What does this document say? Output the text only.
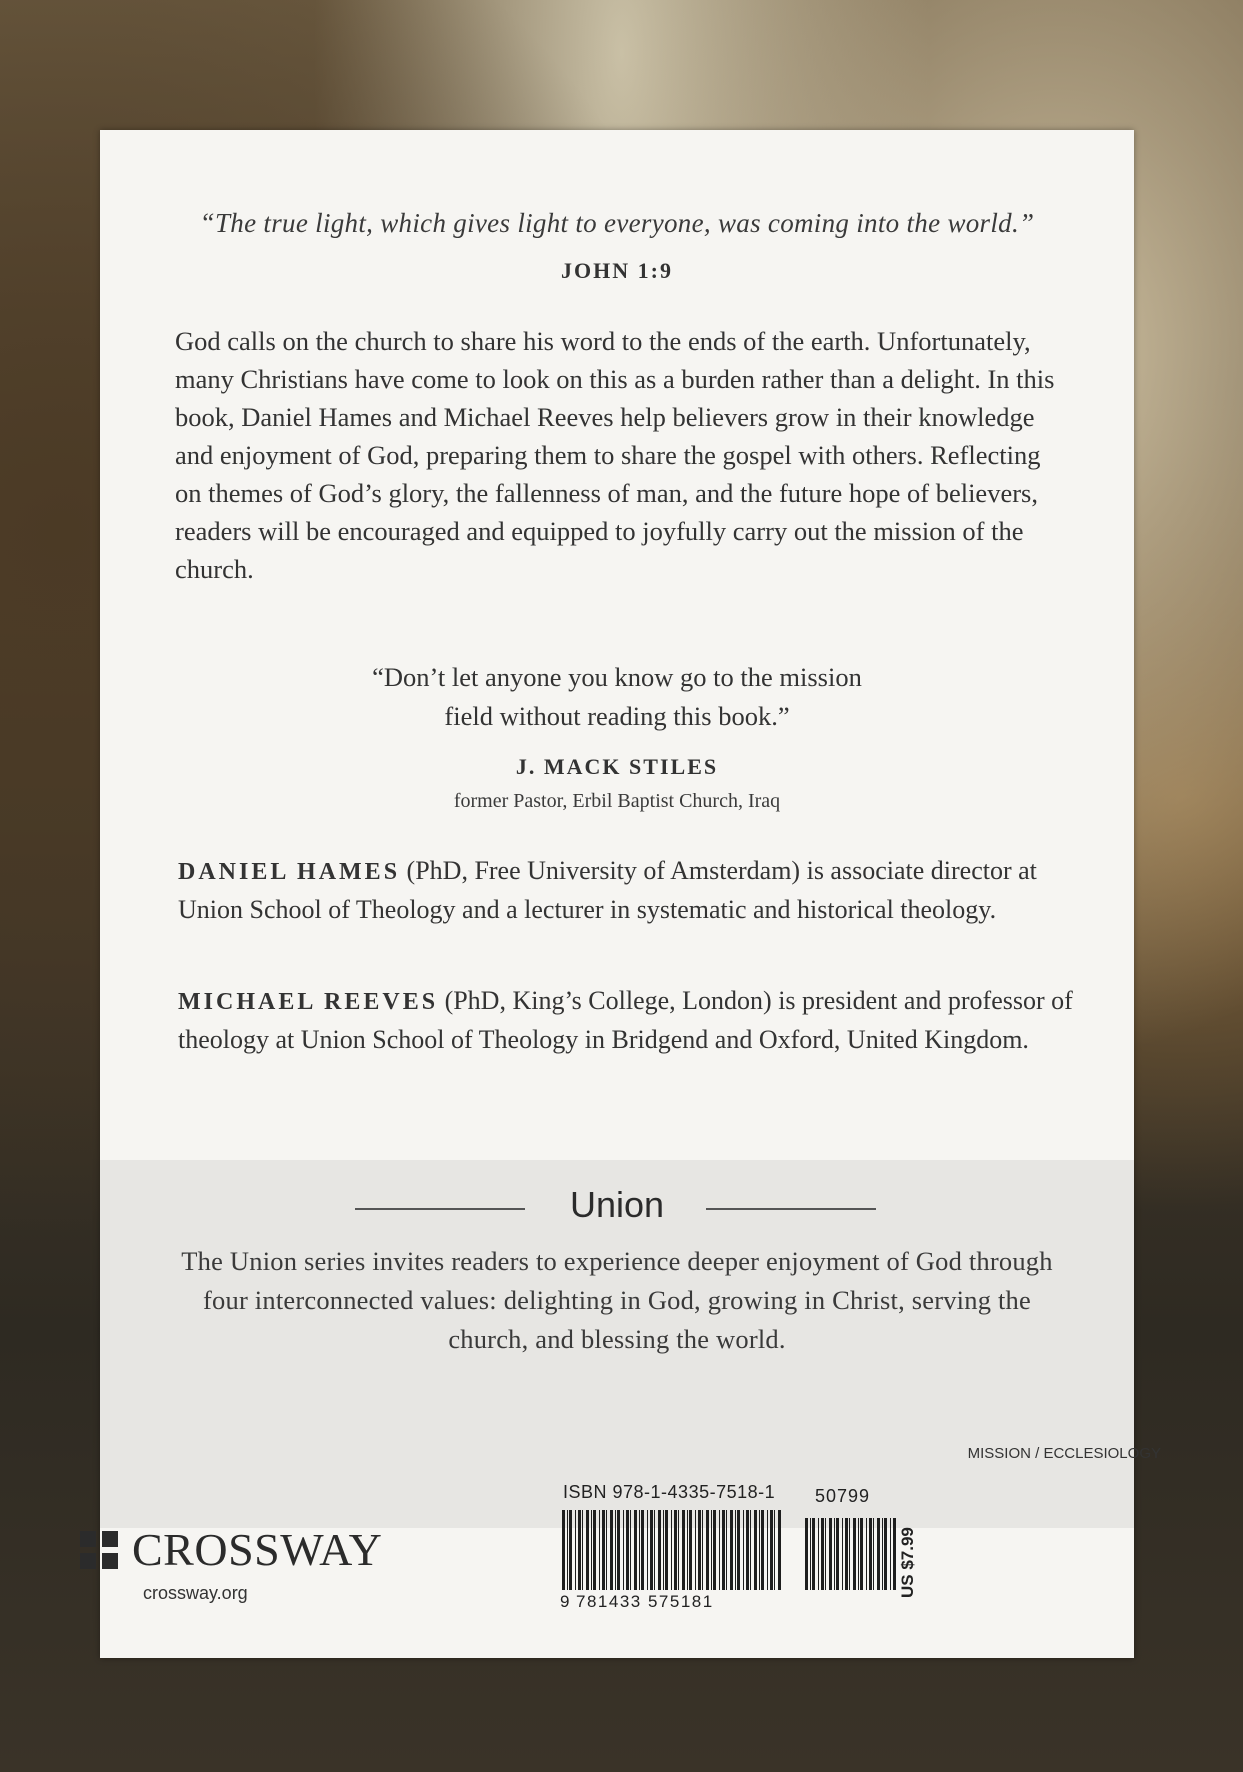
“The true light, which gives light to everyone, was coming into the world.”
JOHN 1:9

God calls on the church to share his word to the ends of the earth. Unfortunately, many Christians have come to look on this as a burden rather than a delight. In this book, Daniel Hames and Michael Reeves help believers grow in their knowledge and enjoyment of God, preparing them to share the gospel with others. Reflecting on themes of God’s glory, the fallenness of man, and the future hope of believers, readers will be encouraged and equipped to joyfully carry out the mission of the church.

“Don’t let anyone you know go to the mission
field without reading this book.”

J. MACK STILES
former Pastor, Erbil Baptist Church, Iraq

DANIEL HAMES (PhD, Free University of Amsterdam) is associate director at Union School of Theology and a lecturer in systematic and historical theology.

MICHAEL REEVES (PhD, King’s College, London) is president and professor of theology at Union School of Theology in Bridgend and Oxford, United Kingdom.

Union

The Union series invites readers to experience deeper enjoyment of God through four interconnected values: delighting in God, growing in Christ, serving the church, and blessing the world.

MISSION / ECCLESIOLOGY
CROSSWAY
crossway.org
ISBN 978-1-4335-7518-1
9 781433 575181
50799
US $7.99
